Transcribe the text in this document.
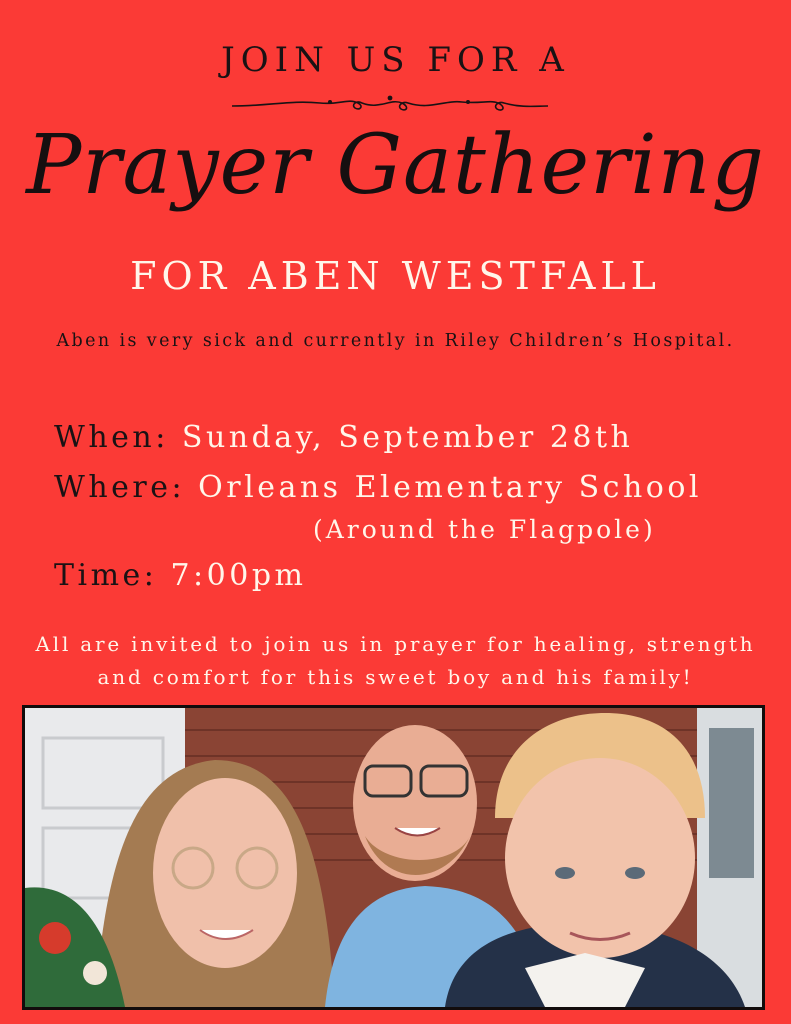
JOIN US FOR A
Prayer Gathering
FOR ABEN WESTFALL
Aben is very sick and currently in Riley Children’s Hospital.
When: Sunday, September 28th
Where: Orleans Elementary School
(Around the Flagpole)
Time: 7:00pm
All are invited to join us in prayer for healing, strength
and comfort for this sweet boy and his family!
